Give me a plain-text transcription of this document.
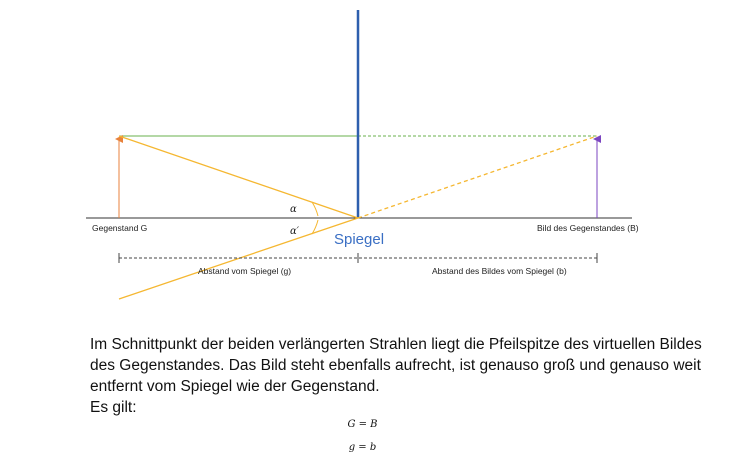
α
α′
Gegenstand G	Bild des Gegenstandes (B)
Spiegel
Abstand vom Spiegel (g)	Abstand des Bildes vom Spiegel (b)

Im Schnittpunkt der beiden verlängerten Strahlen liegt die Pfeilspitze des virtuellen Bildes des Gegenstandes. Das Bild steht ebenfalls aufrecht, ist genauso groß und genauso weit entfernt vom Spiegel wie der Gegenstand.

Es gilt:

G = B
g = b
